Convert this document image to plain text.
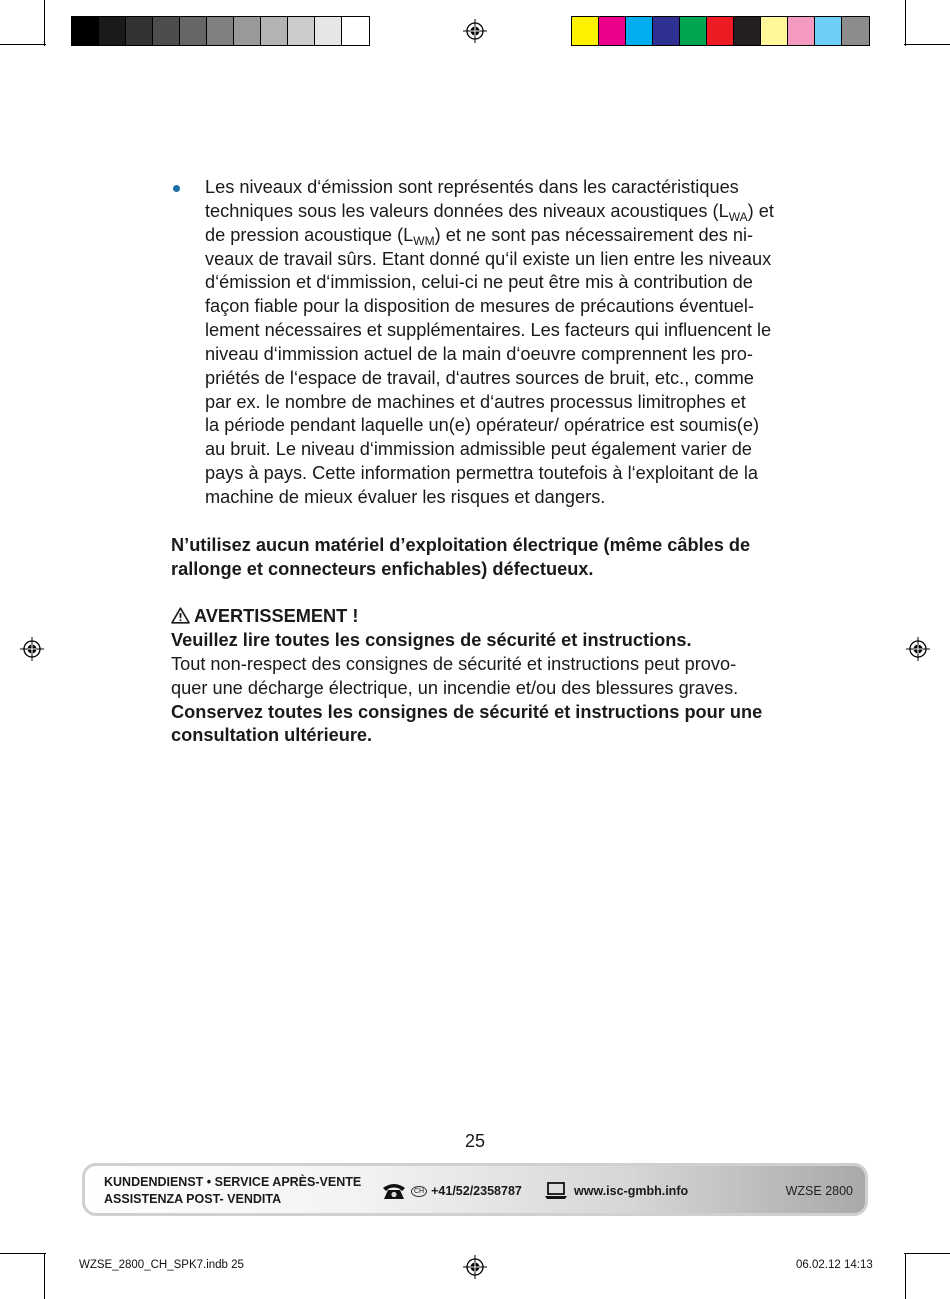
Les niveaux d‘émission sont représentés dans les caractéristiques
techniques sous les valeurs données des niveaux acoustiques $(L_{WA})$ et
de pression acoustique $(L_{WM})$ et ne sont pas nécessairement des ni-
veaux de travail sûrs. Etant donné qu‘il existe un lien entre les niveaux
d‘émission et d‘immission, celui-ci ne peut être mis à contribution de
façon fiable pour la disposition de mesures de précautions éventuel-
lement nécessaires et supplémentaires. Les facteurs qui influencent le
niveau d‘immission actuel de la main d‘oeuvre comprennent les pro-
priétés de l‘espace de travail, d‘autres sources de bruit, etc., comme
par ex. le nombre de machines et d‘autres processus limitrophes et
la période pendant laquelle un(e) opérateur/ opératrice est soumis(e)
au bruit. Le niveau d‘immission admissible peut également varier de
pays à pays. Cette information permettra toutefois à l‘exploitant de la
machine de mieux évaluer les risques et dangers.
N’utilisez aucun matériel d’exploitation électrique (même câbles de
rallonge et connecteurs enfichables) défectueux.
AVERTISSEMENT !
Veuillez lire toutes les consignes de sécurité et instructions.
Tout non-respect des consignes de sécurité et instructions peut provo-
quer une décharge électrique, un incendie et/ou des blessures graves.
Conservez toutes les consignes de sécurité et instructions pour une
consultation ultérieure.
25
KUNDENDIENST • SERVICE APRÈS-VENTE
ASSISTENZA POST- VENDITA
CH +41/52/2358787	www.isc-gmbh.info	WZSE 2800
WZSE_2800_CH_SPK7.indb 25	06.02.12 14:13
